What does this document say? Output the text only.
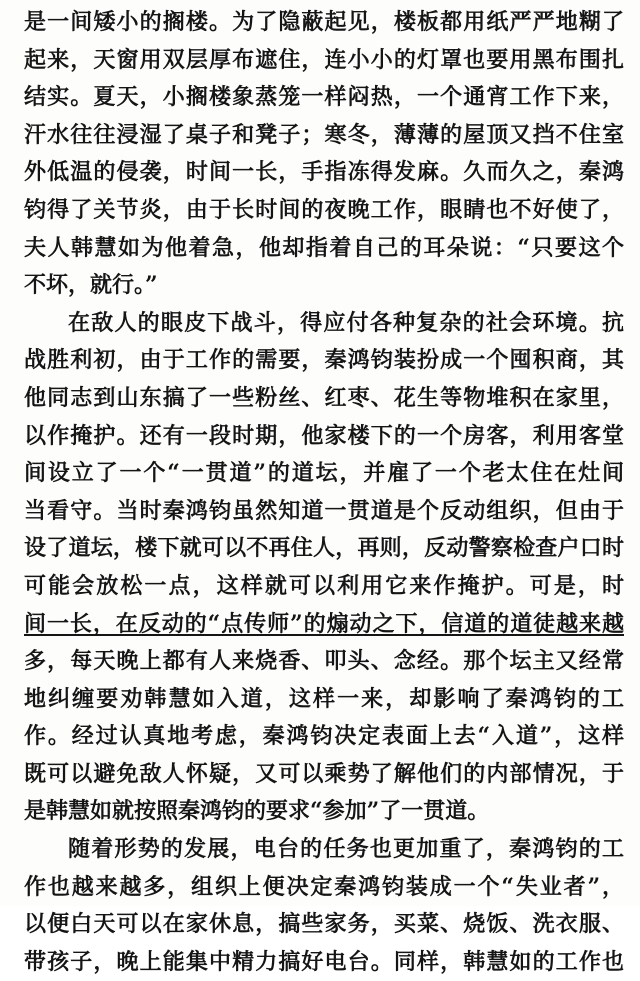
是一间矮小的搁楼。为了隐蔽起见，楼板都用纸严严地糊了
起来，天窗用双层厚布遮住，连小小的灯罩也要用黑布围扎
结实。夏天，小搁楼象蒸笼一样闷热，一个通宵工作下来，
汗水往往浸湿了桌子和凳子；寒冬，薄薄的屋顶又挡不住室
外低温的侵袭，时间一长，手指冻得发麻。久而久之，秦鸿
钧得了关节炎，由于长时间的夜晚工作，眼睛也不好使了，
夫人韩慧如为他着急，他却指着自己的耳朵说：“只要这个
不坏，就行。”
在敌人的眼皮下战斗，得应付各种复杂的社会环境。抗
战胜利初，由于工作的需要，秦鸿钧装扮成一个囤积商，其
他同志到山东搞了一些粉丝、红枣、花生等物堆积在家里，
以作掩护。还有一段时期，他家楼下的一个房客，利用客堂
间设立了一个“一贯道”的道坛，并雇了一个老太住在灶间
当看守。当时秦鸿钧虽然知道一贯道是个反动组织，但由于
设了道坛，楼下就可以不再住人，再则，反动警察检查户口时
可能会放松一点，这样就可以利用它来作掩护。可是，时
间一长，在反动的“点传师”的煽动之下，信道的道徒越来越
多，每天晚上都有人来烧香、叩头、念经。那个坛主又经常
地纠缠要劝韩慧如入道，这样一来，却影响了秦鸿钧的工
作。经过认真地考虑，秦鸿钧决定表面上去“入道”，这样
既可以避免敌人怀疑，又可以乘势了解他们的内部情况，于
是韩慧如就按照秦鸿钧的要求“参加”了一贯道。
随着形势的发展，电台的任务也更加重了，秦鸿钧的工
作也越来越多，组织上便决定秦鸿钧装成一个“失业者”，
以便白天可以在家休息，搞些家务，买菜、烧饭、洗衣服、
带孩子，晚上能集中精力搞好电台。同样，韩慧如的工作也
